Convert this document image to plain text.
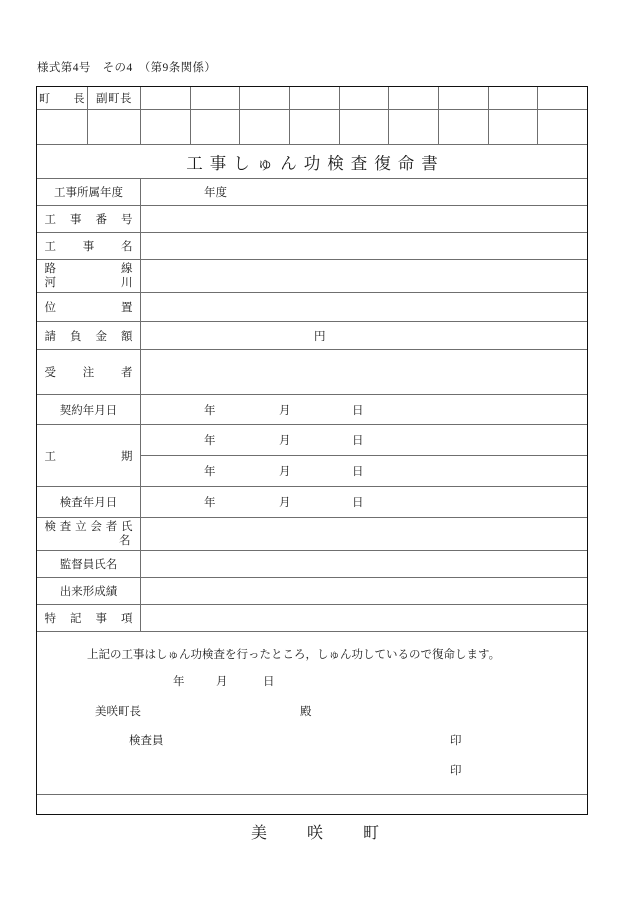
様式第4号　その4　（第9条関係）
町　長	副町長									

工事しゅん功検査復命書										

工事所属年度		年度								

工事番号										

工事名										

路　線
河　川										

位置										

請負金額		円								

受注者										

契約年月日		年 月 日								

工期		年 月 日								

		年 月 日								

検査年月日		年 月 日								

検査立会者氏
名										

監督員氏名										

出来形成績										

特記事項										

上記の工事はしゅん功検査を行ったところ，しゅん功しているので復命します。
年	月	日
美咲町長	殿
検査員	印
印
美　咲　町
